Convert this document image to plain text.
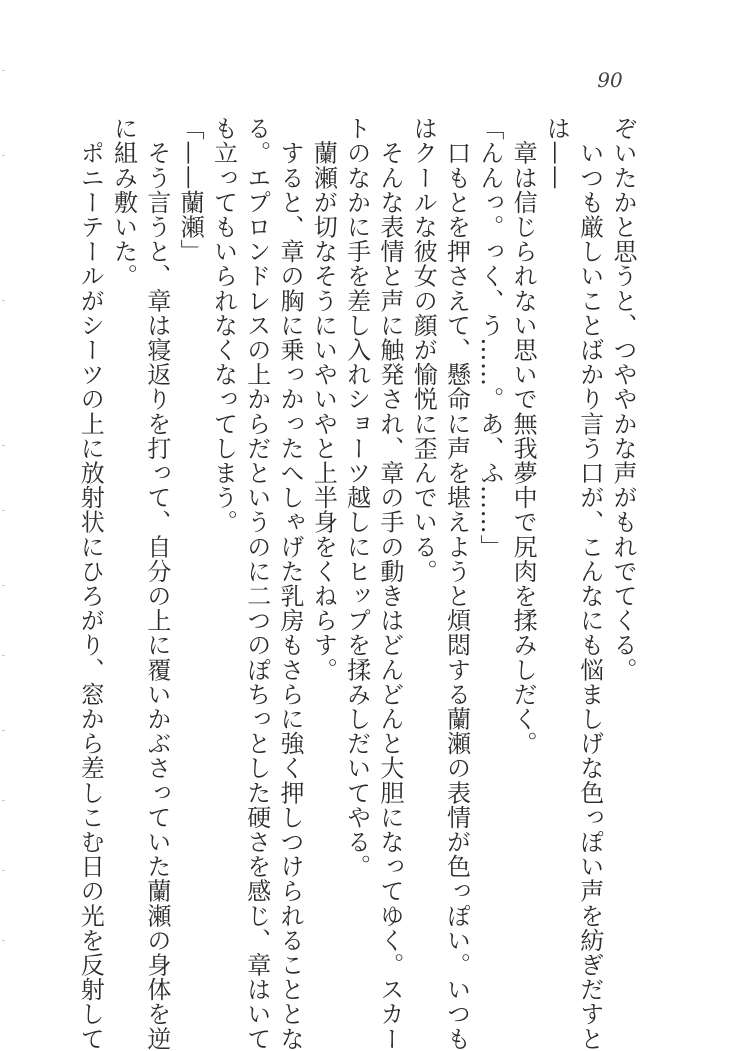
90
ぞいたかと思うと、つややかな声がもれでてくる。
　いつも厳しいことばかり言う口が、こんなにも悩ましげな色っぽい声を紡ぎだすと
は——
　章は信じられない思いで無我夢中で尻肉を揉みしだく。
「んんっ。っく、う……。あ、ふ……」
　口もとを押さえて、懸命に声を堪えようと煩悶する蘭瀬の表情が色っぽい。いつも
はクールな彼女の顔が愉悦に歪んでいる。
　そんな表情と声に触発され、章の手の動きはどんどんと大胆になってゆく。スカー
トのなかに手を差し入れショーツ越しにヒップを揉みしだいてやる。
　蘭瀬が切なそうにいやいやと上半身をくねらす。
　すると、章の胸に乗っかったへしゃげた乳房もさらに強く押しつけられることとな
る。エプロンドレスの上からだというのに二つのぽちっとした硬さを感じ、章はいて
も立ってもいられなくなってしまう。
「——蘭瀬」
　そう言うと、章は寝返りを打って、自分の上に覆いかぶさっていた蘭瀬の身体を逆
に組み敷いた。
　ポニーテールがシーツの上に放射状にひろがり、窓から差しこむ日の光を反射して
